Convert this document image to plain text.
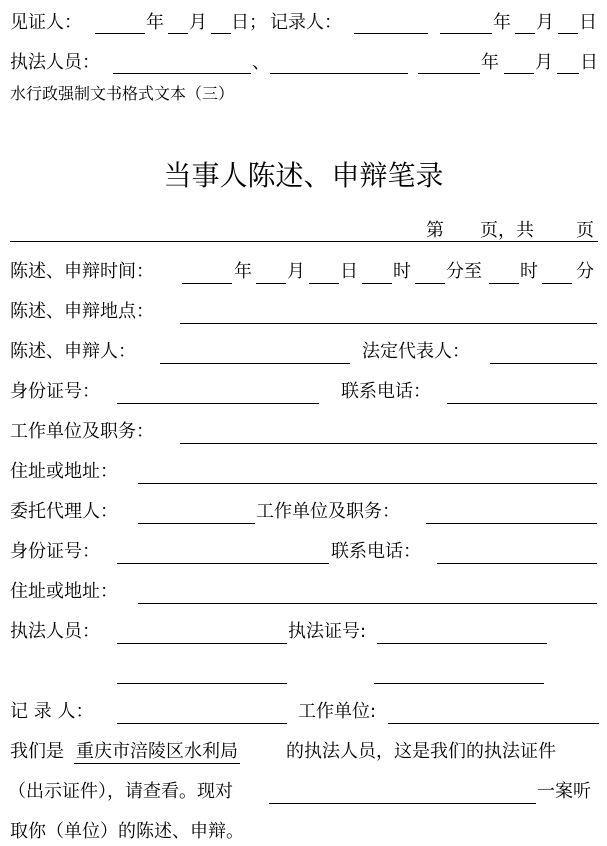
见证人：	年 月 日； 记录人：	年 月 日
执法人员：	、	年 月 日
水行政强制文书格式文本（三）
当事人陈述、申辩笔录
第 页，共 页
陈述、申辩时间：	年 月 日 时 分至 时 分
陈述、申辩地点：
陈述、申辩人：	法定代表人：
身份证号：	联系电话：
工作单位及职务：
住址或地址：
委托代理人：	工作单位及职务：
身份证号：	联系电话：
住址或地址：
执法人员：	执法证号:
记 录 人：	工作单位:
我们是 重庆市涪陵区水利局	的执法人员，这是我们的执法证件
（出示证件），请查看。现对	一案听
取你（单位）的陈述、申辩。
